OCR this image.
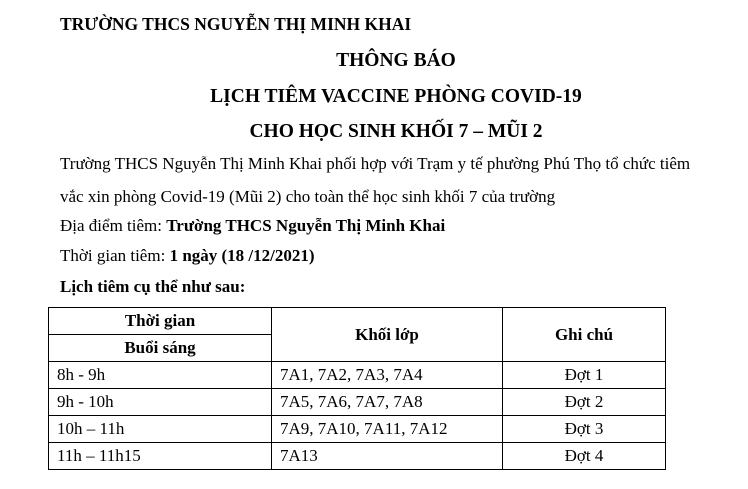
TRƯỜNG THCS NGUYỄN THỊ MINH KHAI
THÔNG BÁO
LỊCH TIÊM VACCINE PHÒNG COVID-19
CHO HỌC SINH KHỐI 7 – MŨI 2
Trường THCS Nguyễn Thị Minh Khai phối hợp với Trạm y tế phường Phú Thọ tổ chức tiêm
vắc xin phòng Covid-19 (Mũi 2) cho toàn thể học sinh khối 7 của trường
Địa điểm tiêm: Trường THCS Nguyễn Thị Minh Khai
Thời gian tiêm: 1 ngày (18 /12/2021)
Lịch tiêm cụ thể như sau:
Thời gian	Khối lớp	Ghi chú
Buổi sáng		
8h - 9h	7A1, 7A2, 7A3, 7A4	Đợt 1
9h - 10h	7A5, 7A6, 7A7, 7A8	Đợt 2
10h – 11h	7A9, 7A10, 7A11, 7A12	Đợt 3
11h – 11h15	7A13	Đợt 4
